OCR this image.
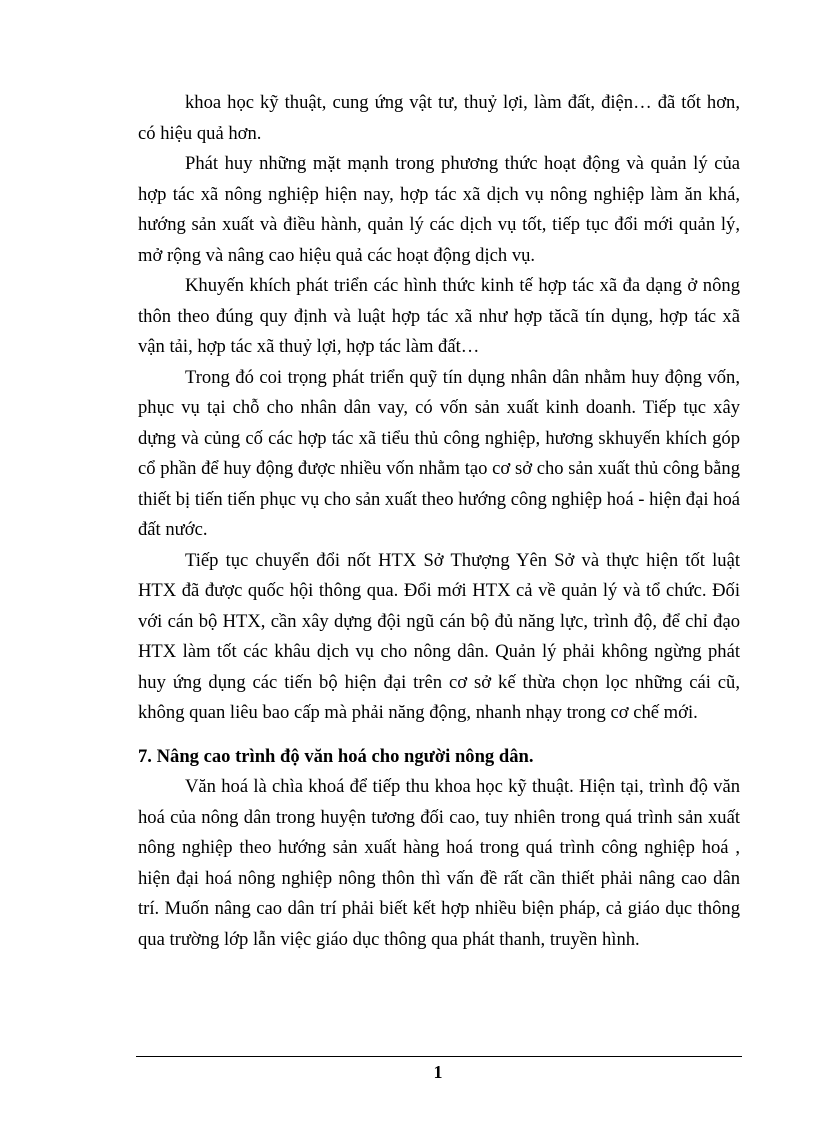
khoa học kỹ thuật, cung ứng vật tư, thuỷ lợi, làm đất, điện… đã tốt hơn, có hiệu quả hơn.

Phát huy những mặt mạnh trong phương thức hoạt động và quản lý của hợp tác xã nông nghiệp hiện nay, hợp tác xã dịch vụ nông nghiệp làm ăn khá, hướng sản xuất và điều hành, quản lý các dịch vụ tốt, tiếp tục đổi mới quản lý, mở rộng và nâng cao hiệu quả các hoạt động dịch vụ.

Khuyến khích phát triển các hình thức kinh tế hợp tác xã đa dạng ở nông thôn theo đúng quy định và luật hợp tác xã như hợp tăcã tín dụng, hợp tác xã vận tải, hợp tác xã thuỷ lợi, hợp tác làm đất…

Trong đó coi trọng phát triển quỹ tín dụng nhân dân nhằm huy động vốn, phục vụ tại chỗ cho nhân dân vay, có vốn sản xuất kinh doanh. Tiếp tục xây dựng và củng cố các hợp tác xã tiểu thủ công nghiệp, hương skhuyến khích góp cổ phần để huy động được nhiều vốn nhằm tạo cơ sở cho sản xuất thủ công bằng thiết bị tiến tiến phục vụ cho sản xuất theo hướng công nghiệp hoá - hiện đại hoá đất nước.

Tiếp tục chuyển đổi nốt HTX Sở Thượng Yên Sở và thực hiện tốt luật HTX đã được quốc hội thông qua. Đổi mới HTX cả về quản lý và tổ chức. Đối với cán bộ HTX, cần xây dựng đội ngũ cán bộ đủ năng lực, trình độ, để chỉ đạo HTX làm tốt các khâu dịch vụ cho nông dân. Quản lý phải không ngừng phát huy ứng dụng các tiến bộ hiện đại trên cơ sở kế thừa chọn lọc những cái cũ, không quan liêu bao cấp mà phải năng động, nhanh nhạy trong cơ chế mới.

7. Nâng cao trình độ văn hoá cho người nông dân.

Văn hoá là chìa khoá để tiếp thu khoa học kỹ thuật. Hiện tại, trình độ văn hoá của nông dân trong huyện tương đối cao, tuy nhiên trong quá trình sản xuất nông nghiệp theo hướng sản xuất hàng hoá trong quá trình công nghiệp hoá , hiện đại hoá nông nghiệp nông thôn thì vấn đề rất cần thiết phải nâng cao dân trí. Muốn nâng cao dân trí phải biết kết hợp nhiều biện pháp, cả giáo dục thông qua trường lớp lẫn việc giáo dục thông qua phát thanh, truyền hình.

1
